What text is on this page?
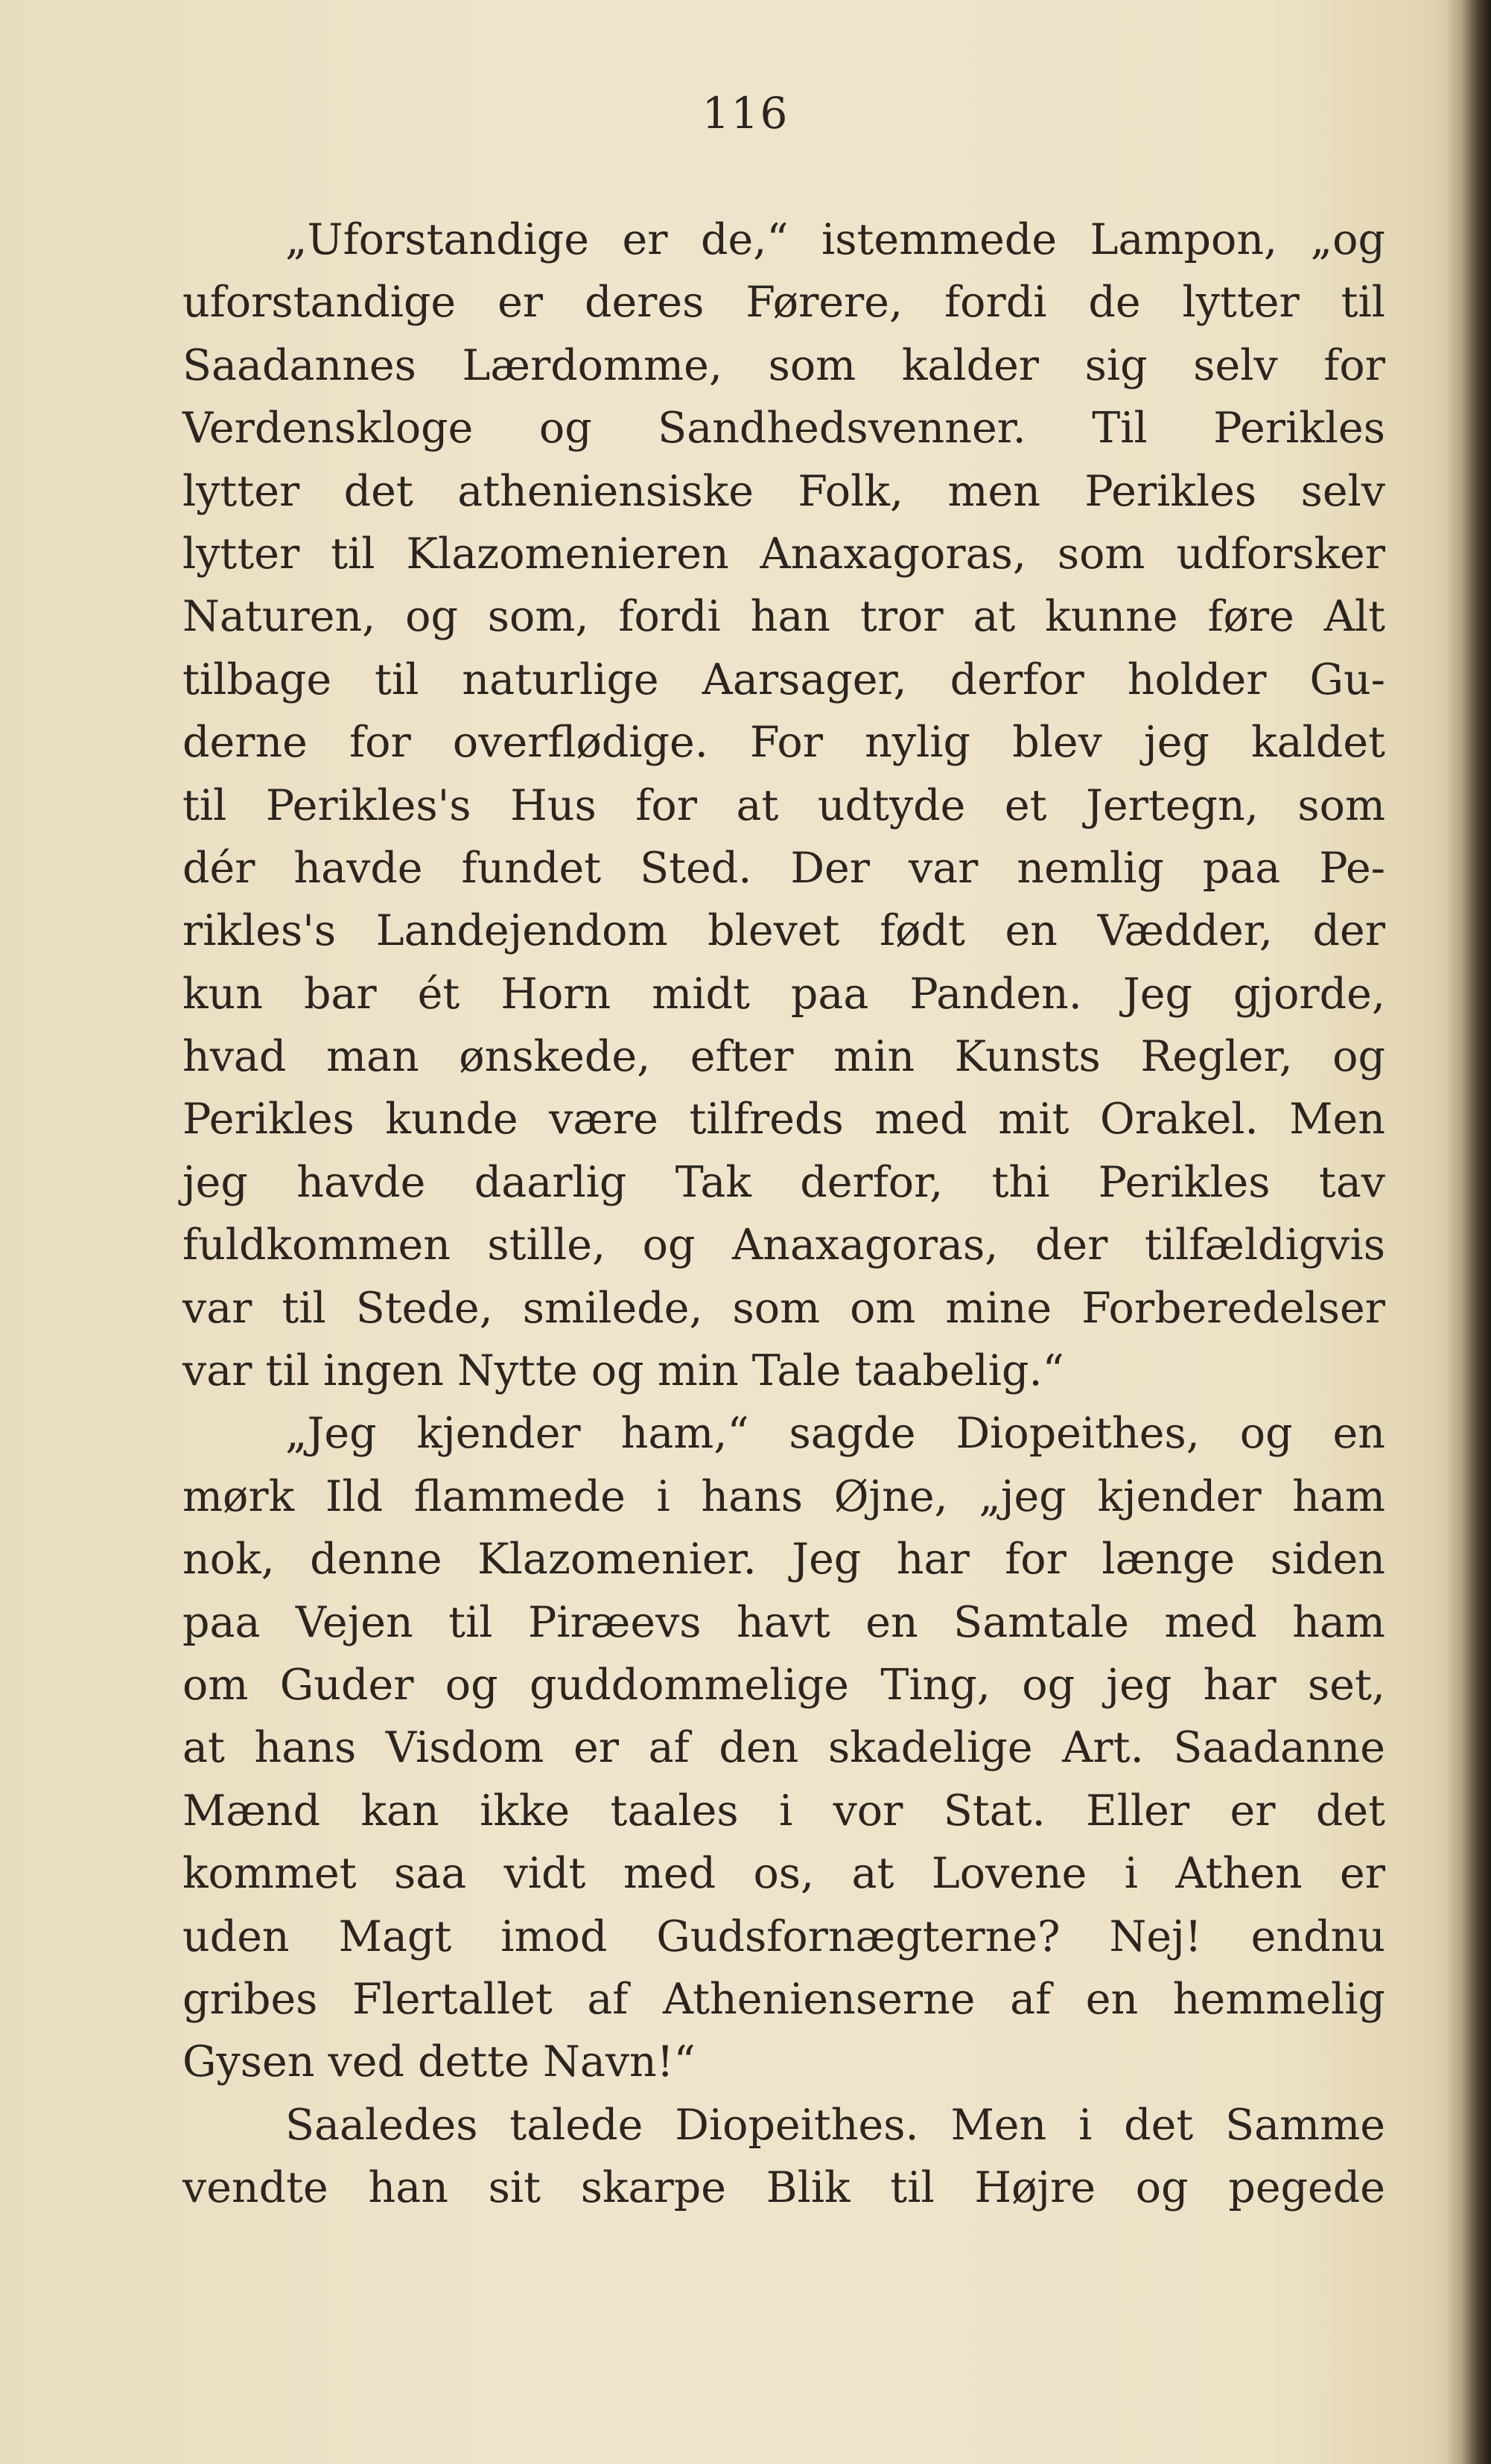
116
„Uforstandige er de,“ istemmede Lampon, „og
uforstandige er deres Førere, fordi de lytter til
Saadannes Lærdomme, som kalder sig selv for
Verdenskloge og Sandhedsvenner. Til Perikles
lytter det atheniensiske Folk, men Perikles selv
lytter til Klazomenieren Anaxagoras, som udforsker
Naturen, og som, fordi han tror at kunne føre Alt
tilbage til naturlige Aarsager, derfor holder Gu-
derne for overflødige. For nylig blev jeg kaldet
til Perikles's Hus for at udtyde et Jertegn, som
dér havde fundet Sted. Der var nemlig paa Pe-
rikles's Landejendom blevet født en Vædder, der
kun bar ét Horn midt paa Panden. Jeg gjorde,
hvad man ønskede, efter min Kunsts Regler, og
Perikles kunde være tilfreds med mit Orakel. Men
jeg havde daarlig Tak derfor, thi Perikles tav
fuldkommen stille, og Anaxagoras, der tilfældigvis
var til Stede, smilede, som om mine Forberedelser
var til ingen Nytte og min Tale taabelig.“
„Jeg kjender ham,“ sagde Diopeithes, og en
mørk Ild flammede i hans Øjne, „jeg kjender ham
nok, denne Klazomenier. Jeg har for længe siden
paa Vejen til Piræevs havt en Samtale med ham
om Guder og guddommelige Ting, og jeg har set,
at hans Visdom er af den skadelige Art. Saadanne
Mænd kan ikke taales i vor Stat. Eller er det
kommet saa vidt med os, at Lovene i Athen er
uden Magt imod Gudsfornægterne? Nej! endnu
gribes Flertallet af Athenienserne af en hemmelig
Gysen ved dette Navn!“
Saaledes talede Diopeithes. Men i det Samme
vendte han sit skarpe Blik til Højre og pegede
